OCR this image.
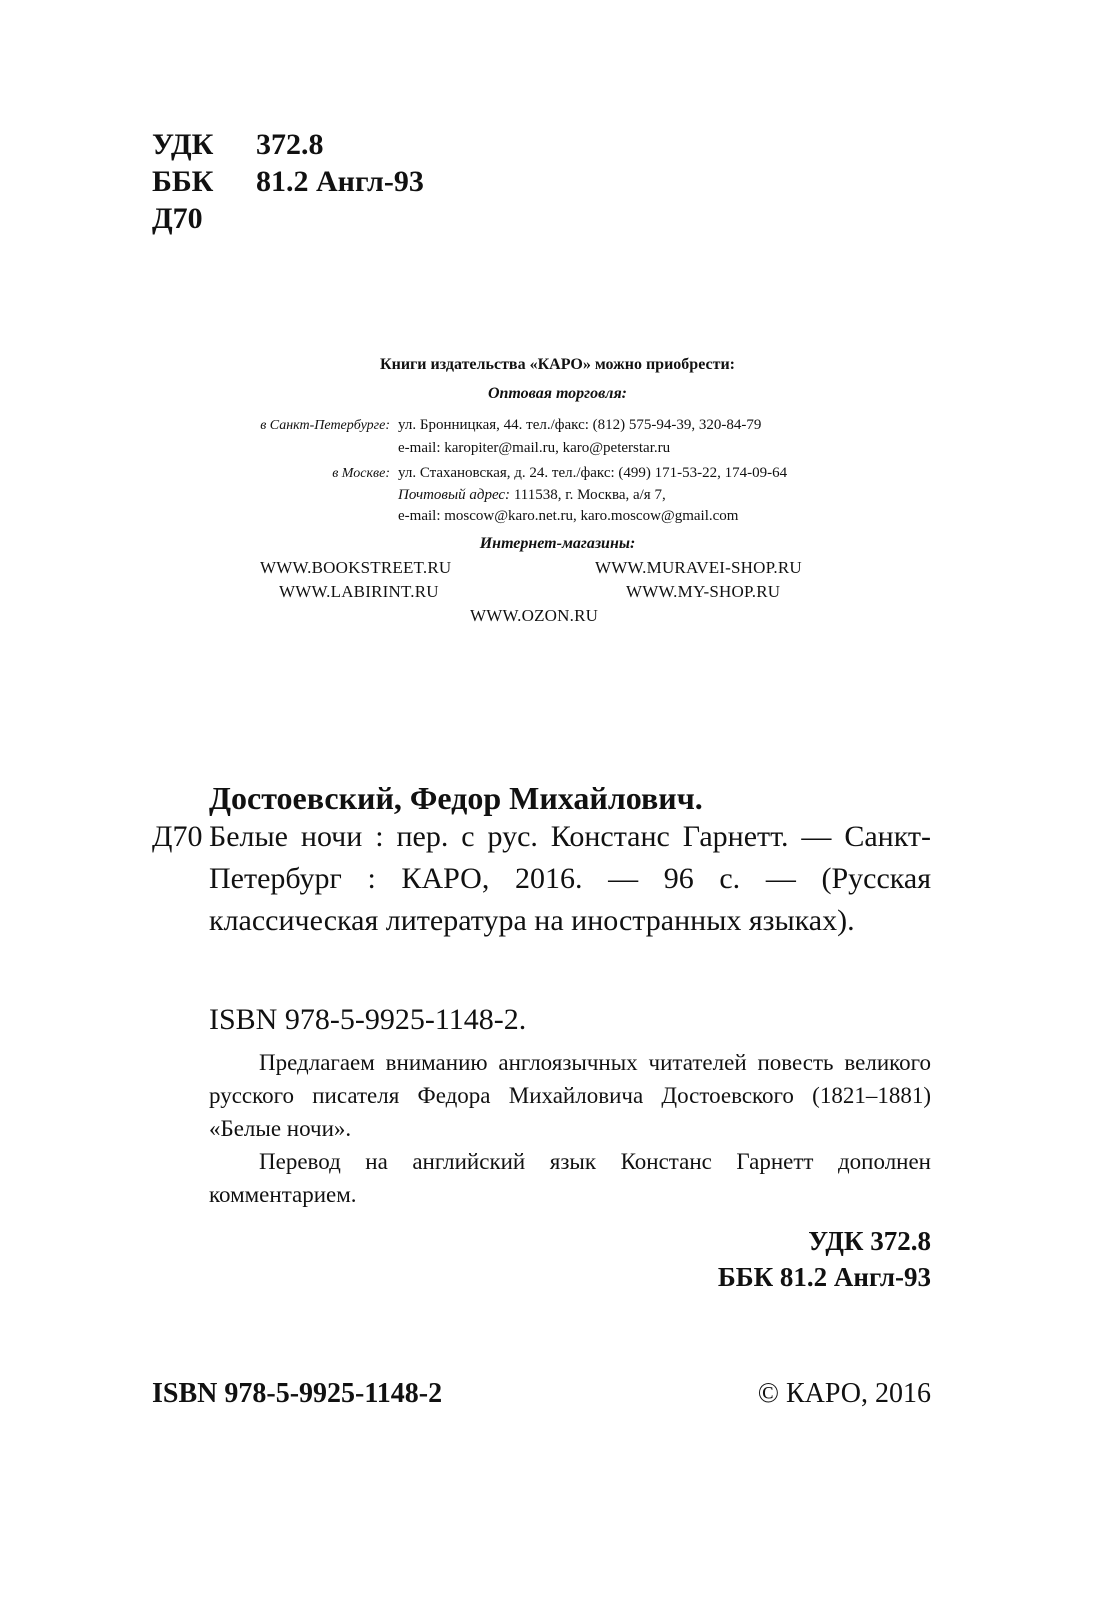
УДК 372.8
ББК 81.2 Англ-93
Д70
Книги издательства «КАРО» можно приобрести:
Оптовая торговля:
в Санкт-Петербурге: ул. Бронницкая, 44. тел./факс: (812) 575-94-39, 320-84-79
e-mail: karopiter@mail.ru, karo@peterstar.ru
в Москве: ул. Стахановская, д. 24. тел./факс: (499) 171-53-22, 174-09-64
Почтовый адрес: 111538, г. Москва, а/я 7,
e-mail: moscow@karo.net.ru, karo.moscow@gmail.com
Интернет-магазины:
WWW.BOOKSTREET.RU	WWW.MURAVEI-SHOP.RU
WWW.LABIRINT.RU	WWW.MY-SHOP.RU
WWW.OZON.RU
Достоевский, Федор Михайлович.
Д70 Белые ночи : пер. с рус. Констанс Гарнетт. — Санкт-Петербург : КАРО, 2016. — 96 с. — (Русская классическая литература на иностранных языках).
ISBN 978-5-9925-1148-2.

Предлагаем вниманию англоязычных читателей повесть великого русского писателя Федора Михайловича Достоевского (1821–1881) «Белые ночи».

Перевод на английский язык Констанс Гарнетт дополнен комментарием.

УДК 372.8
ББК 81.2 Англ-93
ISBN 978-5-9925-1148-2	© КАРО, 2016
